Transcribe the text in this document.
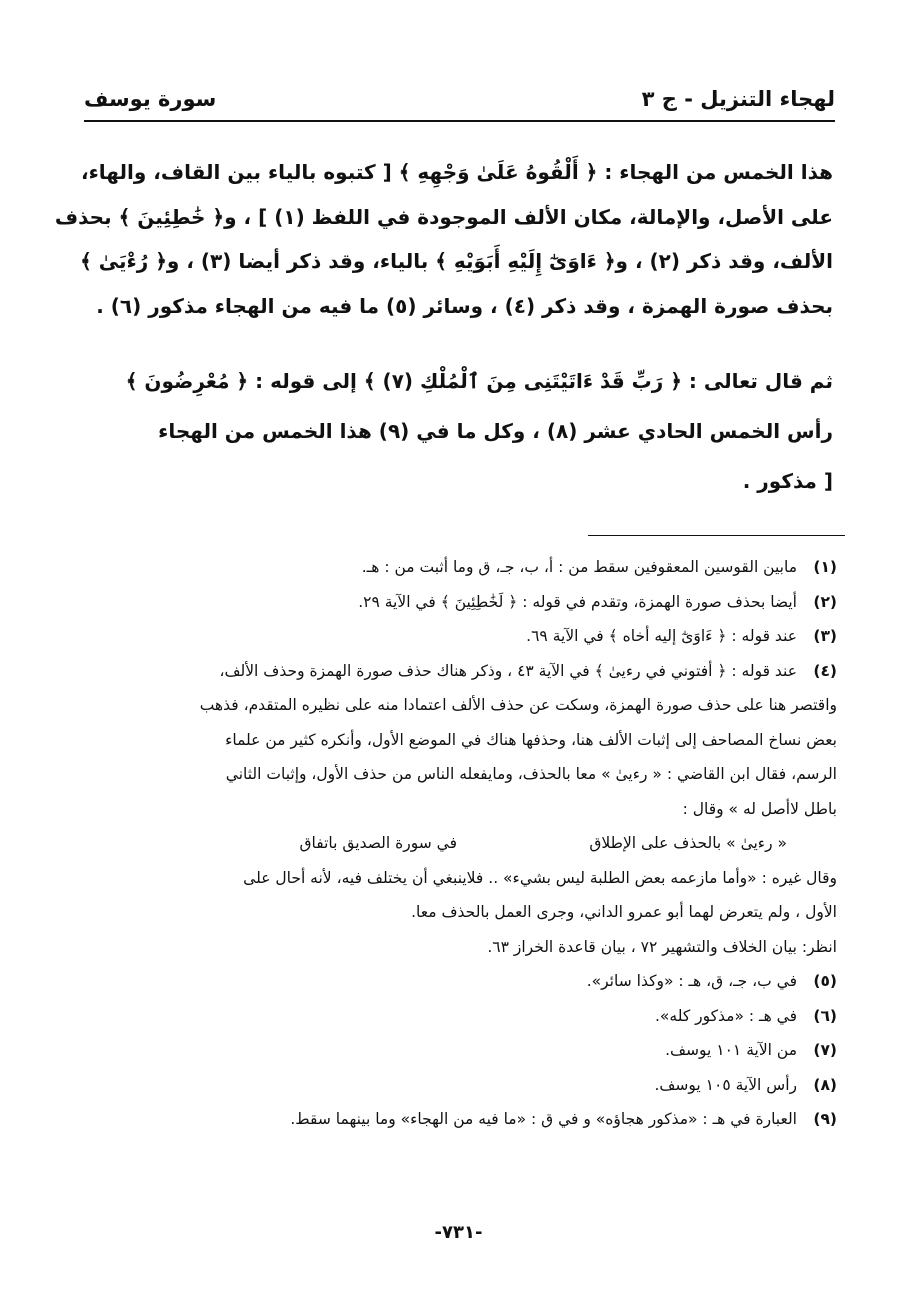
لهجاء التنزيل - ج ٣
سورة يوسف
هذا الخمس من الهجاء : ﴿ أَلْقُوهُ عَلَىٰ وَجْهِهِ ﴾ [ كتبوه بالياء بين القاف، والهاء،
على الأصل، والإمالة، مكان الألف الموجودة في اللفظ (١) ] ، و﴿ خَٰطِئِينَ ﴾ بحذف
الألف، وقد ذكر (٢) ، و﴿ ءَاوَىٰٓ إِلَيْهِ أَبَوَيْهِ ﴾ بالياء، وقد ذكر أيضا (٣) ، و﴿ رُءْيَىٰ ﴾
بحذف صورة الهمزة ، وقد ذكر (٤) ، وسائر (٥) ما فيه من الهجاء مذكور (٦) .
ثم قال تعالى : ﴿ رَبِّ قَدْ ءَاتَيْتَنِى مِنَ ٱلْمُلْكِ (٧) ﴾ إلى قوله : ﴿ مُعْرِضُونَ ﴾
رأس الخمس الحادي عشر (٨) ، وكل ما في (٩) هذا الخمس من الهجاء
[ مذكور .
(١)مابين القوسين المعقوفين سقط من : أ، ب، جـ، ق وما أثبت من : هـ.
(٢)أيضا بحذف صورة الهمزة، وتقدم في قوله : ﴿ لَخَٰطِئِينَ ﴾ في الآية ٢٩.
(٣)عند قوله : ﴿ ءَاوَىٰٓ إليه أخاه ﴾ في الآية ٦٩.
(٤)عند قوله : ﴿ أفتوني في رءيىٰ ﴾ في الآية ٤٣ ، وذكر هناك حذف صورة الهمزة وحذف الألف،
واقتصر هنا على حذف صورة الهمزة، وسكت عن حذف الألف اعتمادا منه على نظيره المتقدم، فذهب
بعض نساخ المصاحف إلى إثبات الألف هنا، وحذفها هناك في الموضع الأول، وأنكره كثير من علماء
الرسم، فقال ابن القاضي : « رءيىٰ » معا بالحذف، ومايفعله الناس من حذف الأول، وإثبات الثاني
باطل لاأصل له » وقال :
« رءيىٰ » بالحذف على الإطلاقفي سورة الصديق باتفاق
وقال غيره : «وأما مازعمه بعض الطلبة ليس بشيء» .. فلاينبغي أن يختلف فيه، لأنه أحال على
الأول ، ولم يتعرض لهما أبو عمرو الداني، وجرى العمل بالحذف معا.
انظر: بيان الخلاف والتشهير ٧٢ ، بيان قاعدة الخراز ٦٣.
(٥)في ب، جـ، ق، هـ : «وكذا سائر».
(٦)في هـ : «مذكور كله».
(٧)من الآية ١٠١ يوسف.
(٨)رأس الآية ١٠٥ يوسف.
(٩)العبارة في هـ : «مذكور هجاؤه» و في ق : «ما فيه من الهجاء» وما بينهما سقط.
-٧٣١-
